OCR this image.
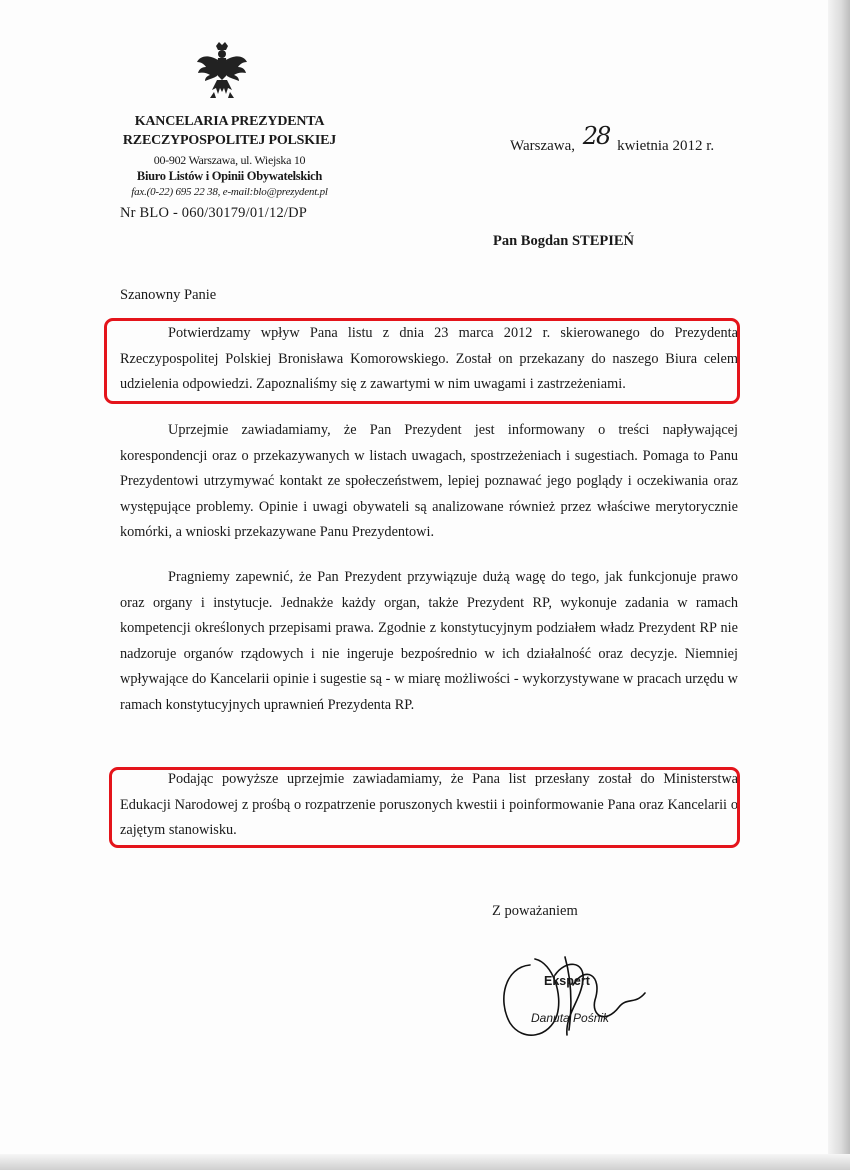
KANCELARIA PREZYDENTA
RZECZYPOSPOLITEJ POLSKIEJ
00-902 Warszawa, ul. Wiejska 10
Biuro Listów i Opinii Obywatelskich
fax.(0-22) 695 22 38, e-mail:blo@prezydent.pl
Nr BLO - 060/30179/01/12/DP
Warszawa, 28 kwietnia 2012 r.
Pan Bogdan STEPIEŃ
Szanowny Panie

Potwierdzamy wpływ Pana listu z dnia 23 marca 2012 r. skierowanego do Prezydenta Rzeczypospolitej Polskiej Bronisława Komorowskiego. Został on przekazany do naszego Biura celem udzielenia odpowiedzi. Zapoznaliśmy się z zawartymi w nim uwagami i zastrzeżeniami.

Uprzejmie zawiadamiamy, że Pan Prezydent jest informowany o treści napływającej korespondencji oraz o przekazywanych w listach uwagach, spostrzeżeniach i sugestiach. Pomaga to Panu Prezydentowi utrzymywać kontakt ze społeczeństwem, lepiej poznawać jego poglądy i oczekiwania oraz występujące problemy. Opinie i uwagi obywateli są analizowane również przez właściwe merytorycznie komórki, a wnioski przekazywane Panu Prezydentowi.

Pragniemy zapewnić, że Pan Prezydent przywiązuje dużą wagę do tego, jak funkcjonuje prawo oraz organy i instytucje. Jednakże każdy organ, także Prezydent RP, wykonuje zadania w ramach kompetencji określonych przepisami prawa. Zgodnie z konstytucyjnym podziałem władz Prezydent RP nie nadzoruje organów rządowych i nie ingeruje bezpośrednio w ich działalność oraz decyzje. Niemniej wpływające do Kancelarii opinie i sugestie są - w miarę możliwości - wykorzystywane w pracach urzędu w ramach konstytucyjnych uprawnień Prezydenta RP.

Podając powyższe uprzejmie zawiadamiamy, że Pana list przesłany został do Ministerstwa Edukacji Narodowej z prośbą o rozpatrzenie poruszonych kwestii i poinformowanie Pana oraz Kancelarii o zajętym stanowisku.

Z poważaniem
Ekspert
Danuta Pośnik
